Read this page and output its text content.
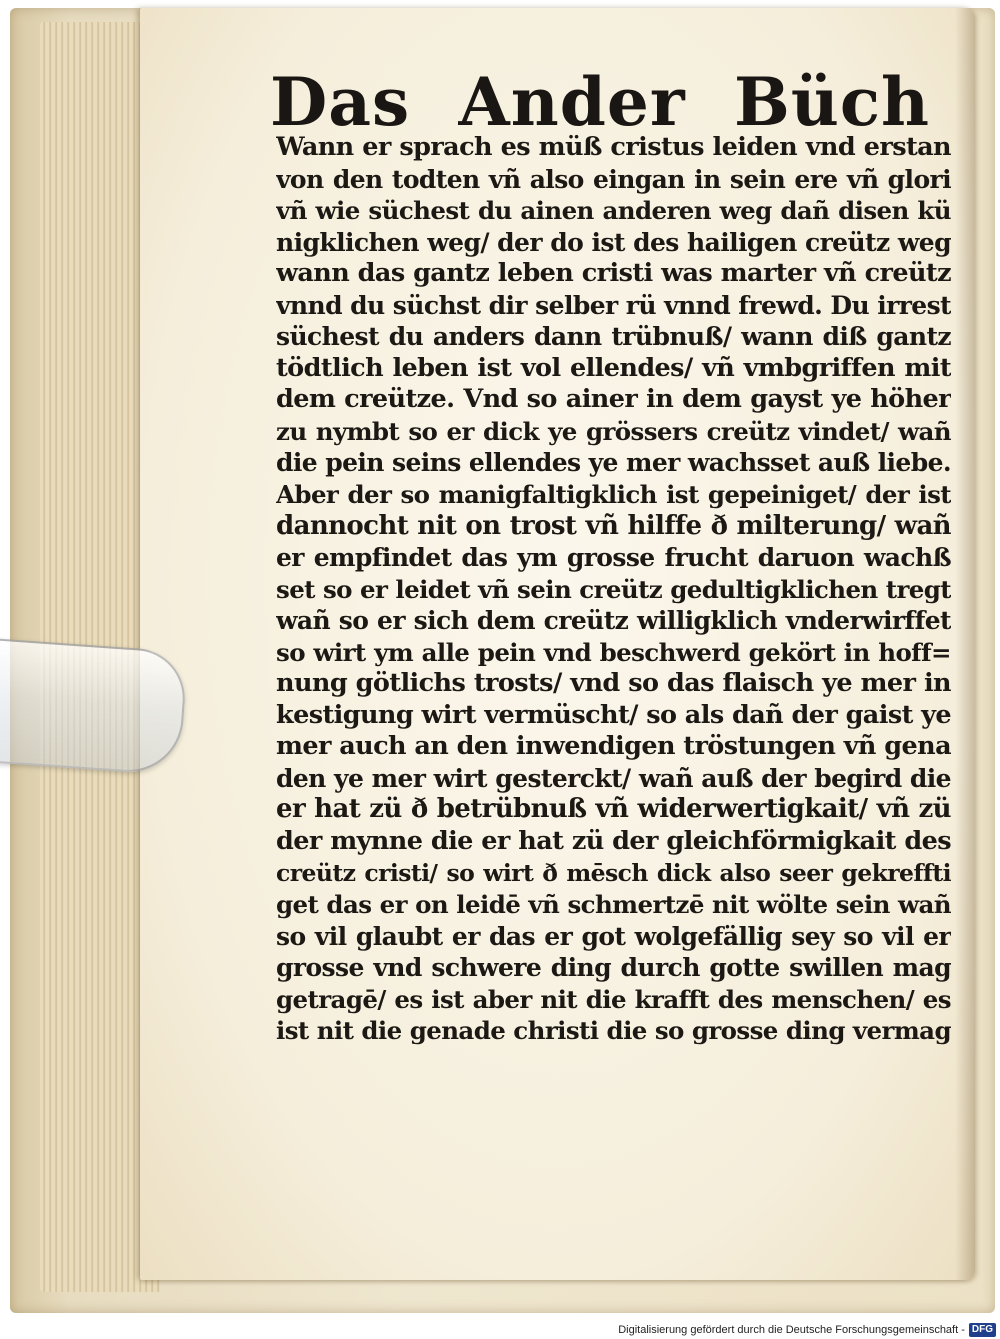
Das Ander Büch
Wann er sprach es müß cristus leiden vnd erstan
von den todten vñ also eingan in sein ere vñ glori
vñ wie süchest du ainen anderen weg dañ disen kü
nigklichen weg/ der do ist des hailigen creütz weg
wann das gantz leben cristi was marter vñ creütz
vnnd du süchst dir selber rü vnnd frewd. Du irrest
süchest du anders dann trübnuß/ wann diß gantz
tödtlich leben ist vol ellendes/ vñ vmbgriffen mit
dem creütze. Vnd so ainer in dem gayst ye höher
zu nymbt so er dick ye grössers creütz vindet/ wañ
die pein seins ellendes ye mer wachsset auß liebe.
Aber der so manigfaltigklich ist gepeiniget/ der ist
dannocht nit on trost vñ hilffe ð milterung/ wañ
er empfindet das ym grosse frucht daruon wachß
set so er leidet vñ sein creütz gedultigklichen tregt
wañ so er sich dem creütz willigklich vnderwirffet
so wirt ym alle pein vnd beschwerd gekört in hoff=
nung götlichs trosts/ vnd so das flaisch ye mer in
kestigung wirt vermüscht/ so als dañ der gaist ye
mer auch an den inwendigen tröstungen vñ gena
den ye mer wirt gesterckt/ wañ auß der begird die
er hat zü ð betrübnuß vñ widerwertigkait/ vñ zü
der mynne die er hat zü der gleichförmigkait des
creütz cristi/ so wirt ð mēsch dick also seer gekreffti
get das er on leidē vñ schmertzē nit wölte sein wañ
so vil glaubt er das er got wolgefällig sey so vil er
grosse vnd schwere ding durch gotte swillen mag
getragē/ es ist aber nit die krafft des menschen/ es
ist nit die genade christi die so grosse ding vermag
Digitalisierung gefördert durch die Deutsche Forschungsgemeinschaft - DFG
